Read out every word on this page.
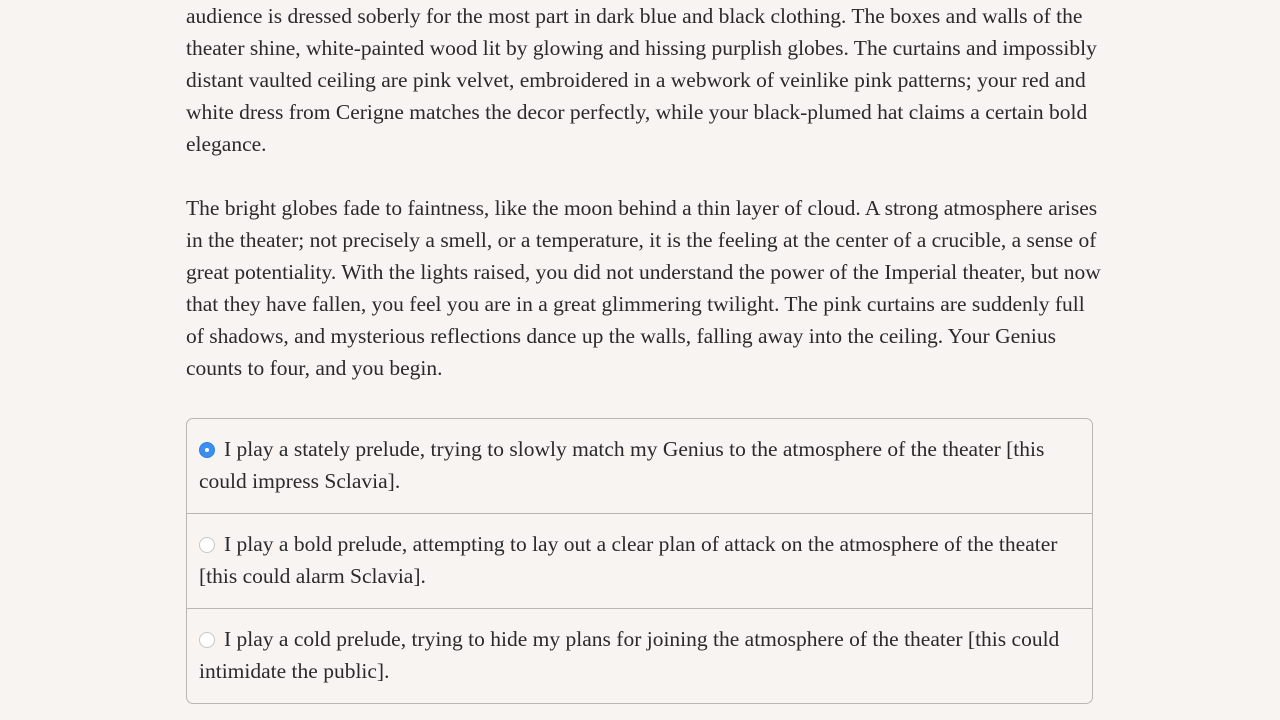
audience is dressed soberly for the most part in dark blue and black clothing. The boxes and walls of the theater shine, white-painted wood lit by glowing and hissing purplish globes. The curtains and impossibly distant vaulted ceiling are pink velvet, embroidered in a webwork of veinlike pink patterns; your red and white dress from Cerigne matches the decor perfectly, while your black-plumed hat claims a certain bold elegance.

The bright globes fade to faintness, like the moon behind a thin layer of cloud. A strong atmosphere arises in the theater; not precisely a smell, or a temperature, it is the feeling at the center of a crucible, a sense of great potentiality. With the lights raised, you did not understand the power of the Imperial theater, but now that they have fallen, you feel you are in a great glimmering twilight. The pink curtains are suddenly full of shadows, and mysterious reflections dance up the walls, falling away into the ceiling. Your Genius counts to four, and you begin.

I play a stately prelude, trying to slowly match my Genius to the atmosphere of the theater [this could impress Sclavia].
I play a bold prelude, attempting to lay out a clear plan of attack on the atmosphere of the theater [this could alarm Sclavia].
I play a cold prelude, trying to hide my plans for joining the atmosphere of the theater [this could intimidate the public].
